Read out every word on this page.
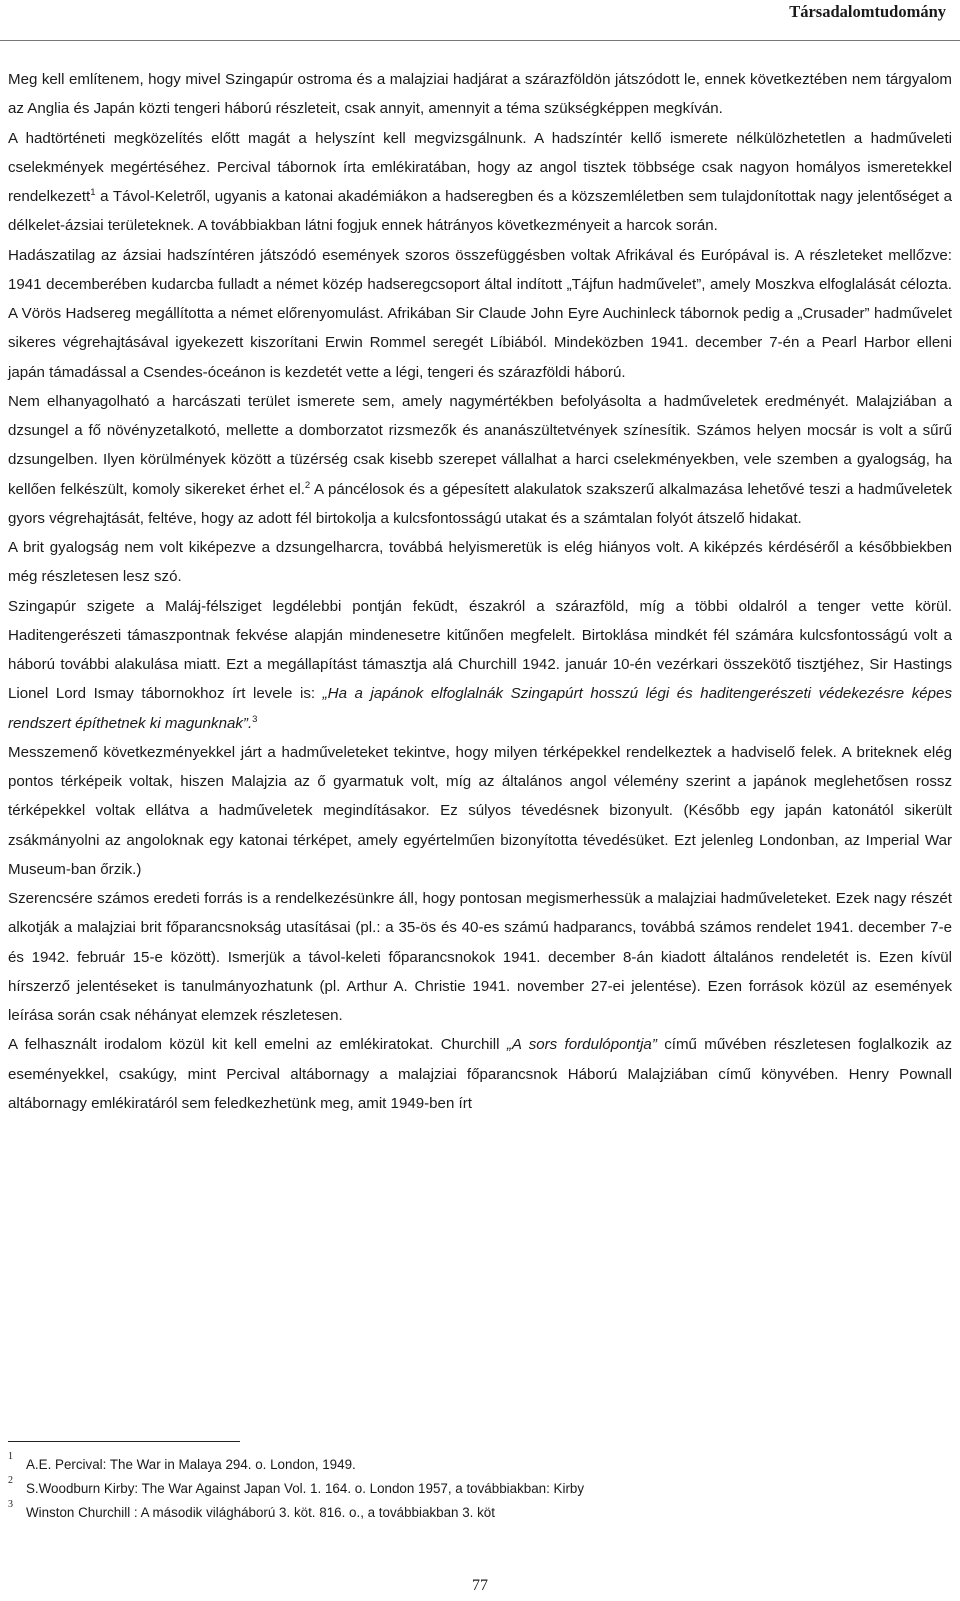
Társadalomtudomány

Meg kell említenem, hogy mivel Szingapúr ostroma és a malajziai hadjárat a szárazföldön játszódott le, ennek következtében nem tárgyalom az Anglia és Japán közti tengeri háború részleteit, csak annyit, amennyit a téma szükségképpen megkíván.

A hadtörténeti megközelítés előtt magát a helyszínt kell megvizsgálnunk. A hadszíntér kellő ismerete nélkülözhetetlen a hadműveleti cselekmények megértéséhez. Percival tábornok írta emlékiratában, hogy az angol tisztek többsége csak nagyon homályos ismeretekkel rendelkezett$^1$ a Távol-Keletről, ugyanis a katonai akadémiákon a hadseregben és a közszemléletben sem tulajdonítottak nagy jelentőséget a délkelet-ázsiai területeknek. A továbbiakban látni fogjuk ennek hátrányos következményeit a harcok során.

Hadászatilag az ázsiai hadszíntéren játszódó események szoros összefüggésben voltak Afrikával és Európával is. A részleteket mellőzve: 1941 decemberében kudarcba fulladt a német közép hadseregcsoport által indított „Tájfun hadművelet”, amely Moszkva elfoglalását célozta. A Vörös Hadsereg megállította a német előrenyomulást. Afrikában Sir Claude John Eyre Auchinleck tábornok pedig a „Crusader” hadművelet sikeres végrehajtásával igyekezett kiszorítani Erwin Rommel seregét Líbiából. Mindeközben 1941. december 7-én a Pearl Harbor elleni japán támadással a Csendes-óceánon is kezdetét vette a légi, tengeri és szárazföldi háború.

Nem elhanyagolható a harcászati terület ismerete sem, amely nagymértékben befolyásolta a hadműveletek eredményét. Malajziában a dzsungel a fő növényzetalkotó, mellette a domborzatot rizsmezők és ananászültetvények színesítik. Számos helyen mocsár is volt a sűrű dzsungelben. Ilyen körülmények között a tüzérség csak kisebb szerepet vállalhat a harci cselekményekben, vele szemben a gyalogság, ha kellően felkészült, komoly sikereket érhet el.$^2$ A páncélosok és a gépesített alakulatok szakszerű alkalmazása lehetővé teszi a hadműveletek gyors végrehajtását, feltéve, hogy az adott fél birtokolja a kulcsfontosságú utakat és a számtalan folyót átszelő hidakat.

A brit gyalogság nem volt kiképezve a dzsungelharcra, továbbá helyismeretük is elég hiányos volt. A kiképzés kérdéséről a későbbiekben még részletesen lesz szó.

Szingapúr szigete a Maláj-félsziget legdélebbi pontján fekūdt, északról a szárazföld, míg a többi oldalról a tenger vette körül. Haditengerészeti támaszpontnak fekvése alapján mindenesetre kitűnően megfelelt. Birtoklása mindkét fél számára kulcsfontosságú volt a háború további alakulása miatt. Ezt a megállapítást támasztja alá Churchill 1942. január 10-én vezérkari összekötő tisztjéhez, Sir Hastings Lionel Lord Ismay tábornokhoz írt levele is: „Ha a japánok elfoglalnák Szingapúrt hosszú légi és haditengerészeti védekezésre képes rendszert építhetnek ki magunknak”.$^3$

Messzemenő következményekkel járt a hadműveleteket tekintve, hogy milyen térképekkel rendelkeztek a hadviselő felek. A briteknek elég pontos térképeik voltak, hiszen Malajzia az ő gyarmatuk volt, míg az általános angol vélemény szerint a japánok meglehetősen rossz térképekkel voltak ellátva a hadműveletek megindításakor. Ez súlyos tévedésnek bizonyult. (Később egy japán katonától sikerült zsákmányolni az angoloknak egy katonai térképet, amely egyértelműen bizonyította tévedésüket. Ezt jelenleg Londonban, az Imperial War Museum-ban őrzik.)

Szerencsére számos eredeti forrás is a rendelkezésünkre áll, hogy pontosan megismerhessük a malajziai hadműveleteket. Ezek nagy részét alkotják a malajziai brit főparancsnokság utasításai (pl.: a 35-ös és 40-es számú hadparancs, továbbá számos rendelet 1941. december 7-e és 1942. február 15-e között). Ismerjük a távol-keleti főparancsnokok 1941. december 8-án kiadott általános rendeletét is. Ezen kívül hírszerző jelentéseket is tanulmányozhatunk (pl. Arthur A. Christie 1941. november 27-ei jelentése). Ezen források közül az események leírása során csak néhányat elemzek részletesen.

A felhasznált irodalom közül kit kell emelni az emlékiratokat. Churchill „A sors fordulópontja” című művében részletesen foglalkozik az eseményekkel, csakúgy, mint Percival altábornagy a malajziai főparancsnok Háború Malajziában című könyvében. Henry Pownall altábornagy emlékiratáról sem feledkezhetünk meg, amit 1949-ben írt

1
A.E. Percival: The War in Malaya 294. o. London, 1949.
2
S.Woodburn Kirby: The War Against Japan Vol. 1. 164. o. London 1957, a továbbiakban: Kirby
3
Winston Churchill : A második világháború 3. köt. 816. o., a továbbiakban 3. köt
77
